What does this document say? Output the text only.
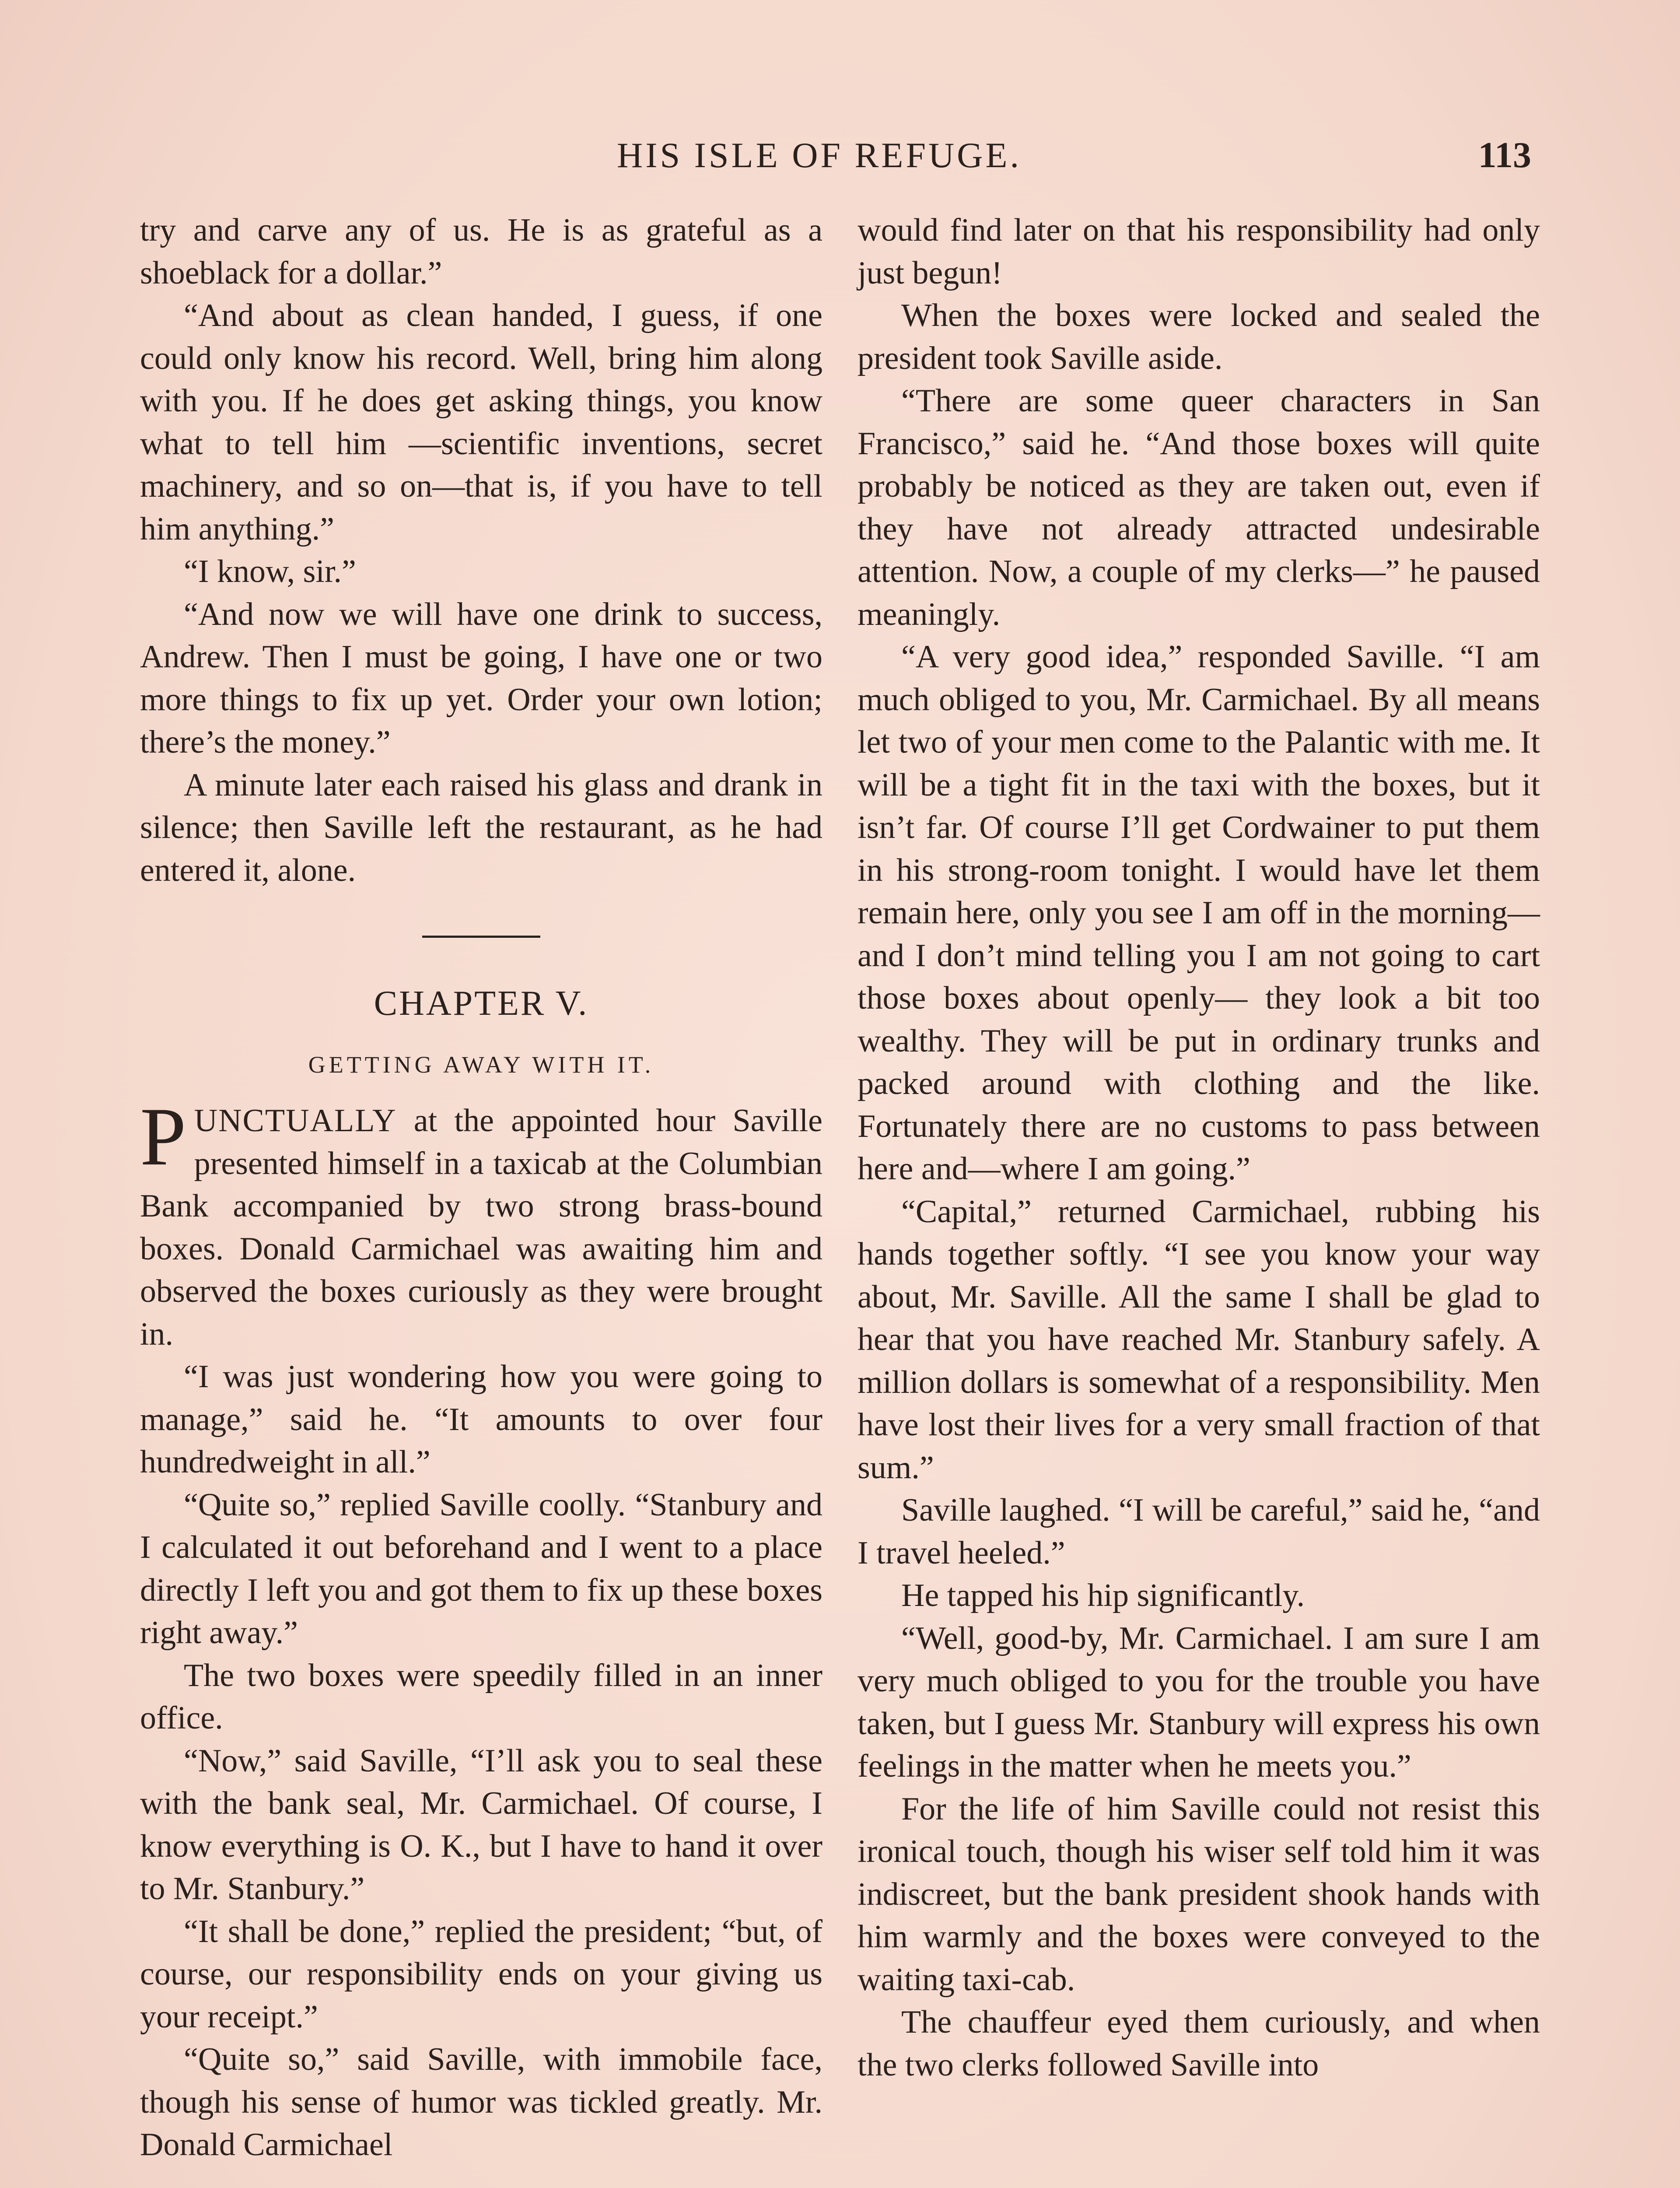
HIS ISLE OF REFUGE.	113

try and carve any of us. He is as grateful as a shoeblack for a dollar.”

“And about as clean handed, I guess, if one could only know his record. Well, bring him along with you. If he does get asking things, you know what to tell him —scientific inventions, secret machinery, and so on—that is, if you have to tell him anything.”

“I know, sir.”

“And now we will have one drink to success, Andrew. Then I must be going, I have one or two more things to fix up yet. Order your own lotion; there’s the money.”

A minute later each raised his glass and drank in silence; then Saville left the restaurant, as he had entered it, alone.

CHAPTER V.
GETTING AWAY WITH IT.

PUNCTUALLY at the appointed hour Saville presented himself in a taxicab at the Columbian Bank accompanied by two strong brass-bound boxes. Donald Carmichael was awaiting him and observed the boxes curiously as they were brought in.

“I was just wondering how you were going to manage,” said he. “It amounts to over four hundredweight in all.”

“Quite so,” replied Saville coolly. “Stanbury and I calculated it out beforehand and I went to a place directly I left you and got them to fix up these boxes right away.”

The two boxes were speedily filled in an inner office.

“Now,” said Saville, “I’ll ask you to seal these with the bank seal, Mr. Carmichael. Of course, I know everything is O. K., but I have to hand it over to Mr. Stanbury.”

“It shall be done,” replied the president; “but, of course, our responsibility ends on your giving us your receipt.”

“Quite so,” said Saville, with immobile face, though his sense of humor was tickled greatly. Mr. Donald Carmichael

would find later on that his responsibility had only just begun!

When the boxes were locked and sealed the president took Saville aside.

“There are some queer characters in San Francisco,” said he. “And those boxes will quite probably be noticed as they are taken out, even if they have not already attracted undesirable attention. Now, a couple of my clerks—” he paused meaningly.

“A very good idea,” responded Saville. “I am much obliged to you, Mr. Carmichael. By all means let two of your men come to the Palantic with me. It will be a tight fit in the taxi with the boxes, but it isn’t far. Of course I’ll get Cordwainer to put them in his strong-room tonight. I would have let them remain here, only you see I am off in the morning— and I don’t mind telling you I am not going to cart those boxes about openly— they look a bit too wealthy. They will be put in ordinary trunks and packed around with clothing and the like. Fortunately there are no customs to pass between here and—where I am going.”

“Capital,” returned Carmichael, rubbing his hands together softly. “I see you know your way about, Mr. Saville. All the same I shall be glad to hear that you have reached Mr. Stanbury safely. A million dollars is somewhat of a responsibility. Men have lost their lives for a very small fraction of that sum.”

Saville laughed. “I will be careful,” said he, “and I travel heeled.”

He tapped his hip significantly.

“Well, good-by, Mr. Carmichael. I am sure I am very much obliged to you for the trouble you have taken, but I guess Mr. Stanbury will express his own feelings in the matter when he meets you.”

For the life of him Saville could not resist this ironical touch, though his wiser self told him it was indiscreet, but the bank president shook hands with him warmly and the boxes were conveyed to the waiting taxi-cab.

The chauffeur eyed them curiously, and when the two clerks followed Saville into
